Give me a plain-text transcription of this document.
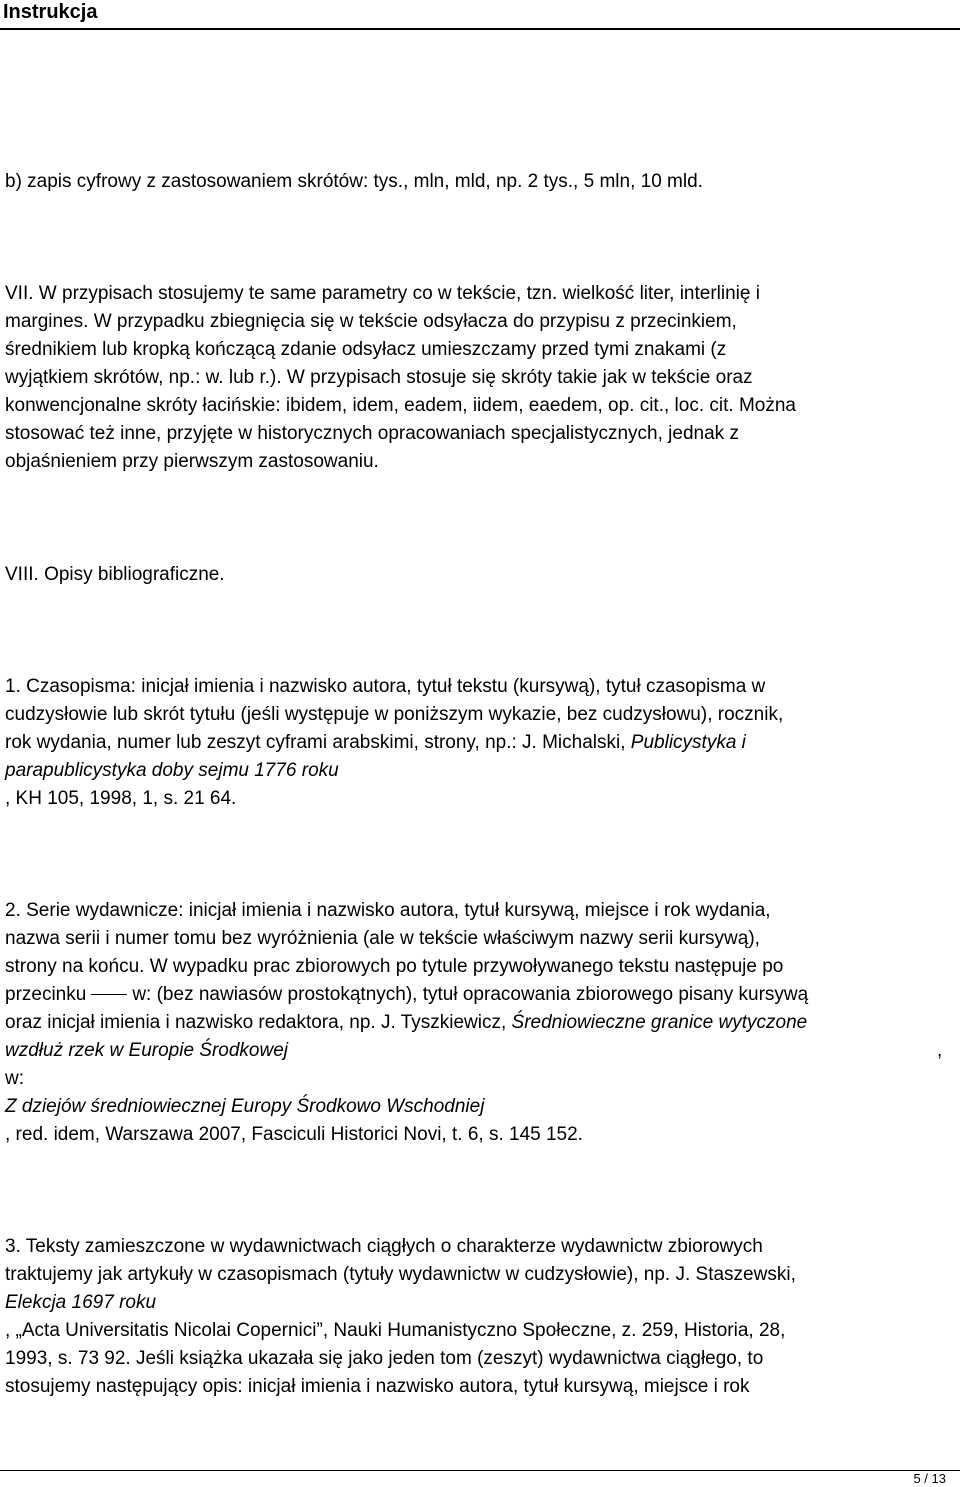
Instrukcja
b) zapis cyfrowy z zastosowaniem skrótów: tys., mln, mld, np. 2 tys., 5 mln, 10 mld.
VII. W przypisach stosujemy te same parametry co w tekście, tzn. wielkość liter, interlinię i
margines. W przypadku zbiegnięcia się w tekście odsyłacza do przypisu z przecinkiem,
średnikiem lub kropką kończącą zdanie odsyłacz umieszczamy przed tymi znakami (z
wyjątkiem skrótów, np.: w. lub r.). W przypisach stosuje się skróty takie jak w tekście oraz
konwencjonalne skróty łacińskie: ibidem, idem, eadem, iidem, eaedem, op. cit., loc. cit. Można
stosować też inne, przyjęte w historycznych opracowaniach specjalistycznych, jednak z
objaśnieniem przy pierwszym zastosowaniu.
VIII. Opisy bibliograficzne.
1. Czasopisma: inicjał imienia i nazwisko autora, tytuł tekstu (kursywą), tytuł czasopisma w
cudzysłowie lub skrót tytułu (jeśli występuje w poniższym wykazie, bez cudzysłowu), rocznik,
rok wydania, numer lub zeszyt cyframi arabskimi, strony, np.: J. Michalski, Publicystyka i
parapublicystyka doby sejmu 1776 roku
, KH 105, 1998, 1, s. 21 64.
2. Serie wydawnicze: inicjał imienia i nazwisko autora, tytuł kursywą, miejsce i rok wydania,
nazwa serii i numer tomu bez wyróżnienia (ale w tekście właściwym nazwy serii kursywą),
strony na końcu. W wypadku prac zbiorowych po tytule przywoływanego tekstu następuje po
przecinku w: (bez nawiasów prostokątnych), tytuł opracowania zbiorowego pisany kursywą
oraz inicjał imienia i nazwisko redaktora, np. J. Tyszkiewicz, Średniowieczne granice wytyczone
wzdłuż rzek w Europie Środkowej	,
w:
Z dziejów średniowiecznej Europy Środkowo Wschodniej
, red. idem, Warszawa 2007, Fasciculi Historici Novi, t. 6, s. 145 152.
3. Teksty zamieszczone w wydawnictwach ciągłych o charakterze wydawnictw zbiorowych
traktujemy jak artykuły w czasopismach (tytuły wydawnictw w cudzysłowie), np. J. Staszewski,
Elekcja 1697 roku
, „Acta Universitatis Nicolai Copernici”, Nauki Humanistyczno Społeczne, z. 259, Historia, 28,
1993, s. 73 92. Jeśli książka ukazała się jako jeden tom (zeszyt) wydawnictwa ciągłego, to
stosujemy następujący opis: inicjał imienia i nazwisko autora, tytuł kursywą, miejsce i rok
5 / 13
